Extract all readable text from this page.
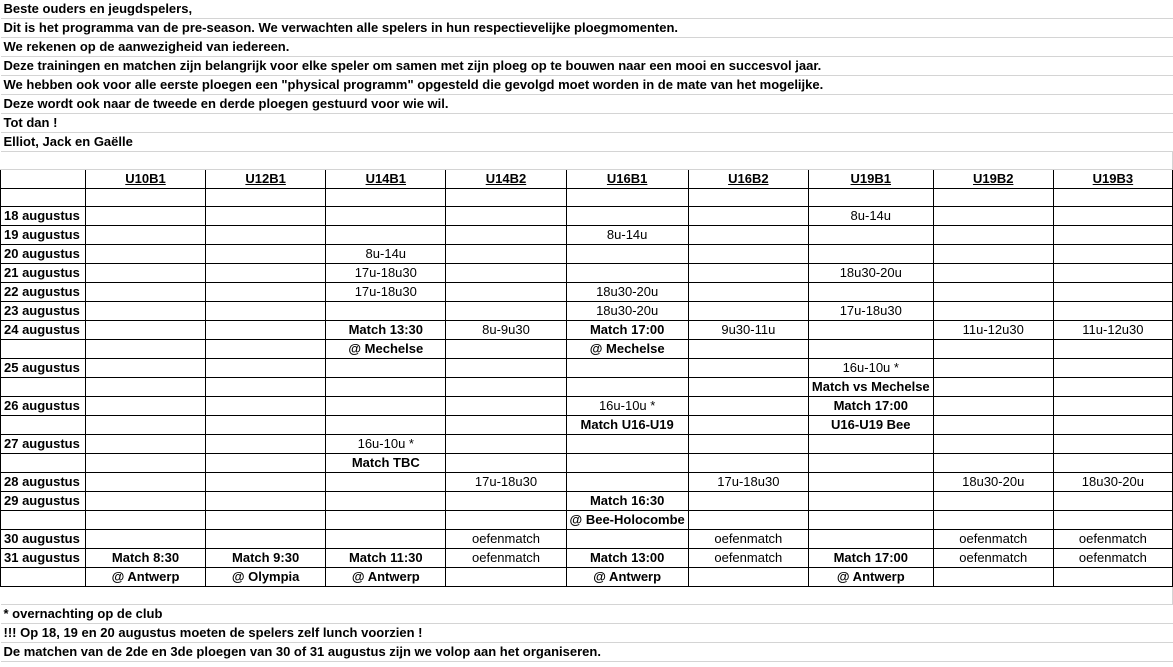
Beste ouders en jeugdspelers,									
Dit is het programma van de pre-season. We verwachten alle spelers in hun respectievelijke ploegmomenten.									
We rekenen op de aanwezigheid van iedereen.									
Deze trainingen en matchen zijn belangrijk voor elke speler om samen met zijn ploeg op te bouwen naar een mooi en succesvol jaar.									
We hebben ook voor alle eerste ploegen een "physical programm" opgesteld die gevolgd moet worden in de mate van het mogelijke.									
Deze wordt ook naar de tweede en derde ploegen gestuurd voor wie wil.									
Tot dan !									
Elliot, Jack en Gaëlle									

	U10B1	U12B1	U14B1	U14B2	U16B1	U16B2	U19B1	U19B2	U19B3

18 augustus							8u-14u		
19 augustus					8u-14u				
20 augustus			8u-14u						
21 augustus			17u-18u30				18u30-20u		
22 augustus			17u-18u30		18u30-20u				
23 augustus					18u30-20u		17u-18u30		
24 augustus			Match 13:30	8u-9u30	Match 17:00	9u30-11u		11u-12u30	11u-12u30
			@ Mechelse		@ Mechelse				
25 augustus							16u-10u *		
							Match vs Mechelse		
26 augustus					16u-10u *		Match 17:00		
					Match U16-U19		U16-U19 Bee		
27 augustus			16u-10u *						
			Match TBC						
28 augustus				17u-18u30		17u-18u30		18u30-20u	18u30-20u
29 augustus					Match 16:30				
					@ Bee-Holocombe				
30 augustus				oefenmatch		oefenmatch		oefenmatch	oefenmatch
31 augustus	Match 8:30	Match 9:30	Match 11:30	oefenmatch	Match 13:00	oefenmatch	Match 17:00	oefenmatch	oefenmatch
	@ Antwerp	@ Olympia	@ Antwerp		@ Antwerp		@ Antwerp		

* overnachting op de club									
!!! Op 18, 19 en 20 augustus moeten de spelers zelf lunch voorzien !									
De matchen van de 2de en 3de ploegen van 30 of 31 augustus zijn we volop aan het organiseren.									
